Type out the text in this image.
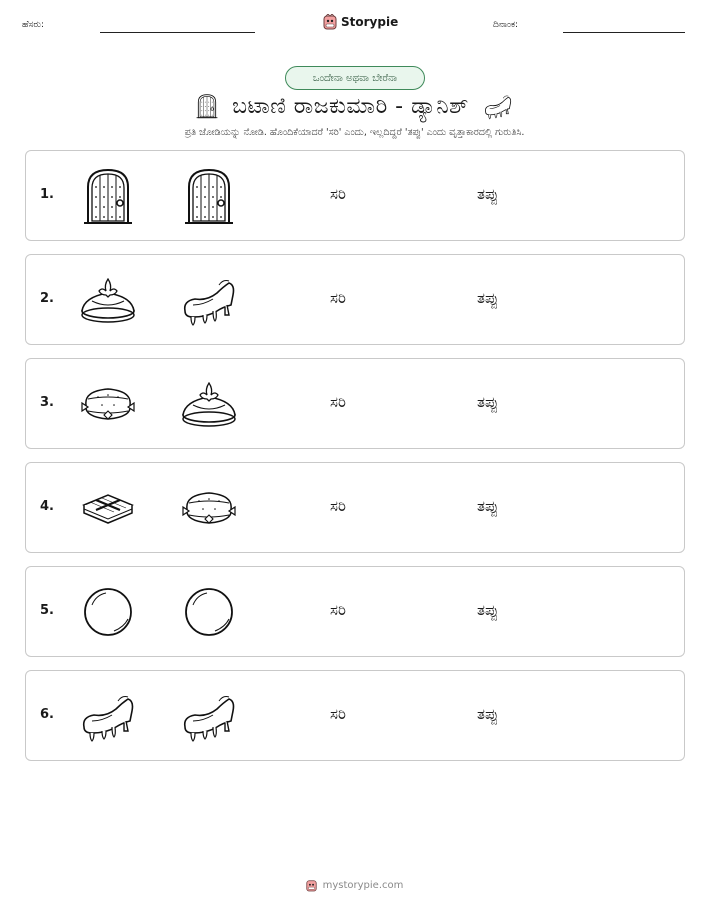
ಹೆಸರು:	Storypie	ದಿನಾಂಕ:
ಒಂದೇನಾ ಅಥವಾ ಬೇರೆನಾ
ಬಟಾಣಿ ರಾಜಕುಮಾರಿ - ಡ್ಯಾನಿಶ್
ಪ್ರತಿ ಜೋಡಿಯನ್ನು ನೋಡಿ. ಹೊಂದಿಕೆಯಾದರೆ 'ಸರಿ' ಎಂದು, ಇಲ್ಲದಿದ್ದರೆ 'ತಪ್ಪು' ಎಂದು ವೃತ್ತಾಕಾರದಲ್ಲಿ ಗುರುತಿಸಿ.
1.	ಸರಿ	ತಪ್ಪು
2.	ಸರಿ	ತಪ್ಪು
3.	ಸರಿ	ತಪ್ಪು
4.	ಸರಿ	ತಪ್ಪು
5.	ಸರಿ	ತಪ್ಪು
6.	ಸರಿ	ತಪ್ಪು
mystorypie.com
